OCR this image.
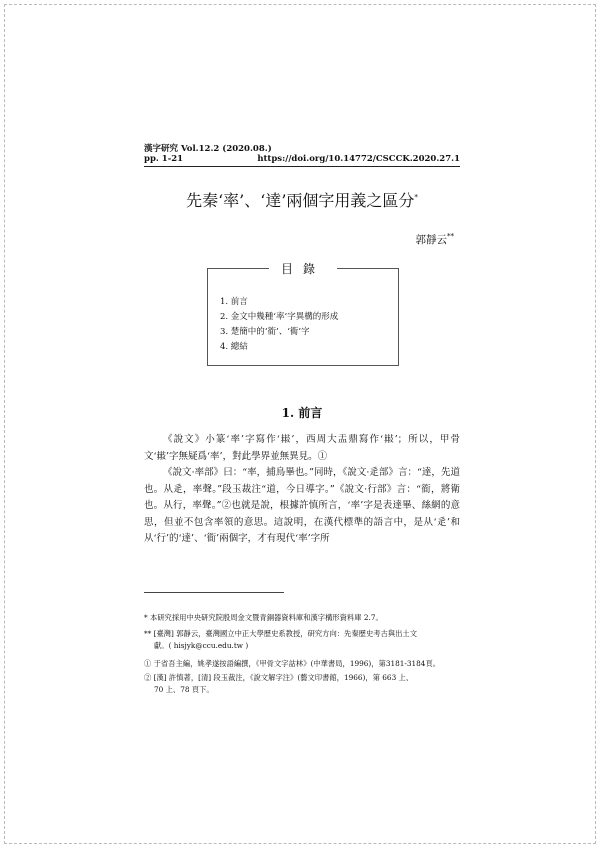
漢字研究 Vol.12.2 (2020.08.)
pp. 1-21	https://doi.org/10.14772/CSCCK.2020.27.1
先秦‘率’、‘達’兩個字用義之區分*
郭靜云**
目錄
1. 前言
2. 金文中幾種‘率’字異構的形成
3. 楚簡中的‘衜’、‘衠’字
4. 總結
1. 前言

《說文》小篆‘率’字寫作‘𢿷’，西周大盂鼎寫作‘𢿷’；所以，甲骨文‘𢿷’字無疑爲‘率’，對此學界並無異見。①

《說文·率部》曰：“率，捕鳥畢也。”同時，《說文·辵部》言：“達，先道也。从辵，率聲。”段玉裁注“道，今日導字。”《說文·行部》言：“衜，將衛也。从行，率聲。”②也就是說，根據許慎所言，‘率’字是表達畢、絲網的意思，但並不包含率領的意思。這說明，在漢代標準的語言中，是从‘辵’和从‘行’的‘達’、‘衜’兩個字，才有現代‘率’字所

* 本研究採用中央研究院殷周金文暨青銅器資料庫和漢字構形資料庫 2.7。
** [臺灣] 郭靜云，臺灣國立中正大學歷史系教授，研究方向：先秦歷史考古與出土文
獻。( hisjyk@ccu.edu.tw )
① 于省吾主編，姚孝遂按語編撰，《甲骨文字詁林》(中華書局，1996)，第3181-3184頁。
② [漢] 許慎著，[清] 段玉裁注，《說文解字注》(藝文印書館，1966)，第 663 上、
70 上、78 頁下。
